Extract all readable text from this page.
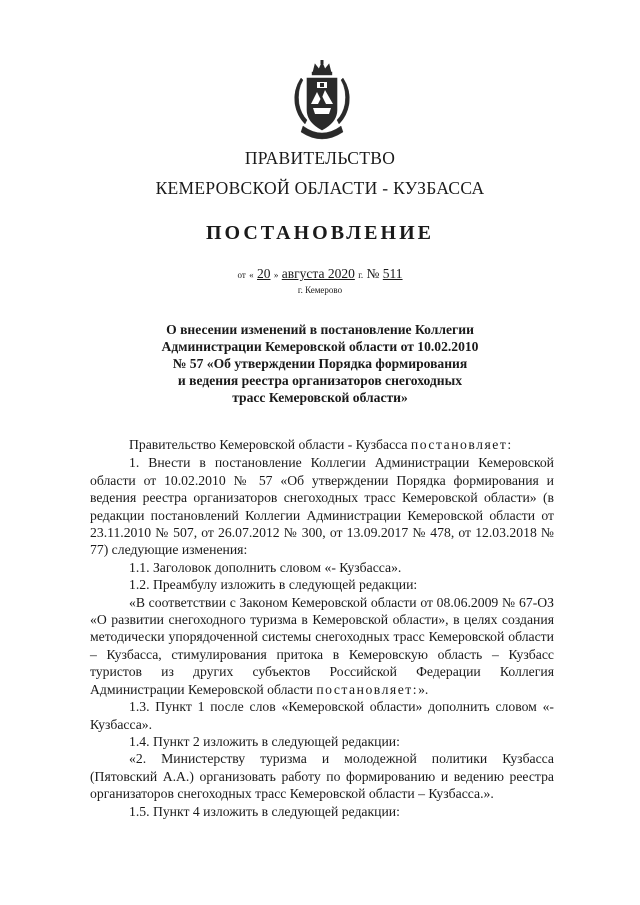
ПРАВИТЕЛЬСТВО
КЕМЕРОВСКОЙ ОБЛАСТИ - КУЗБАССА
ПОСТАНОВЛЕНИЕ
от « 20 » августа 2020 г. № 511
г. Кемерово
О внесении изменений в постановление Коллегии
Администрации Кемеровской области от 10.02.2010
№ 57 «Об утверждении Порядка формирования
и ведения реестра организаторов снегоходных
трасс Кемеровской области»

Правительство Кемеровской области - Кузбасса постановляет:

1. Внести в постановление Коллегии Администрации Кемеровской области от 10.02.2010 № 57 «Об утверждении Порядка формирования и ведения реестра организаторов снегоходных трасс Кемеровской области» (в редакции постановлений Коллегии Администрации Кемеровской области от 23.11.2010 № 507, от 26.07.2012 № 300, от 13.09.2017 № 478, от 12.03.2018 № 77) следующие изменения:

1.1. Заголовок дополнить словом «- Кузбасса».

1.2. Преамбулу изложить в следующей редакции:

«В соответствии с Законом Кемеровской области от 08.06.2009 № 67-ОЗ «О развитии снегоходного туризма в Кемеровской области», в целях создания методически упорядоченной системы снегоходных трасс Кемеровской области – Кузбасса, стимулирования притока в Кемеровскую область – Кузбасс туристов из других субъектов Российской Федерации Коллегия Администрации Кемеровской области постановляет:».

1.3. Пункт 1 после слов «Кемеровской области» дополнить словом «- Кузбасса».

1.4. Пункт 2 изложить в следующей редакции:

«2. Министерству туризма и молодежной политики Кузбасса (Пятовский А.А.) организовать работу по формированию и ведению реестра организаторов снегоходных трасс Кемеровской области – Кузбасса.».

1.5. Пункт 4 изложить в следующей редакции:
